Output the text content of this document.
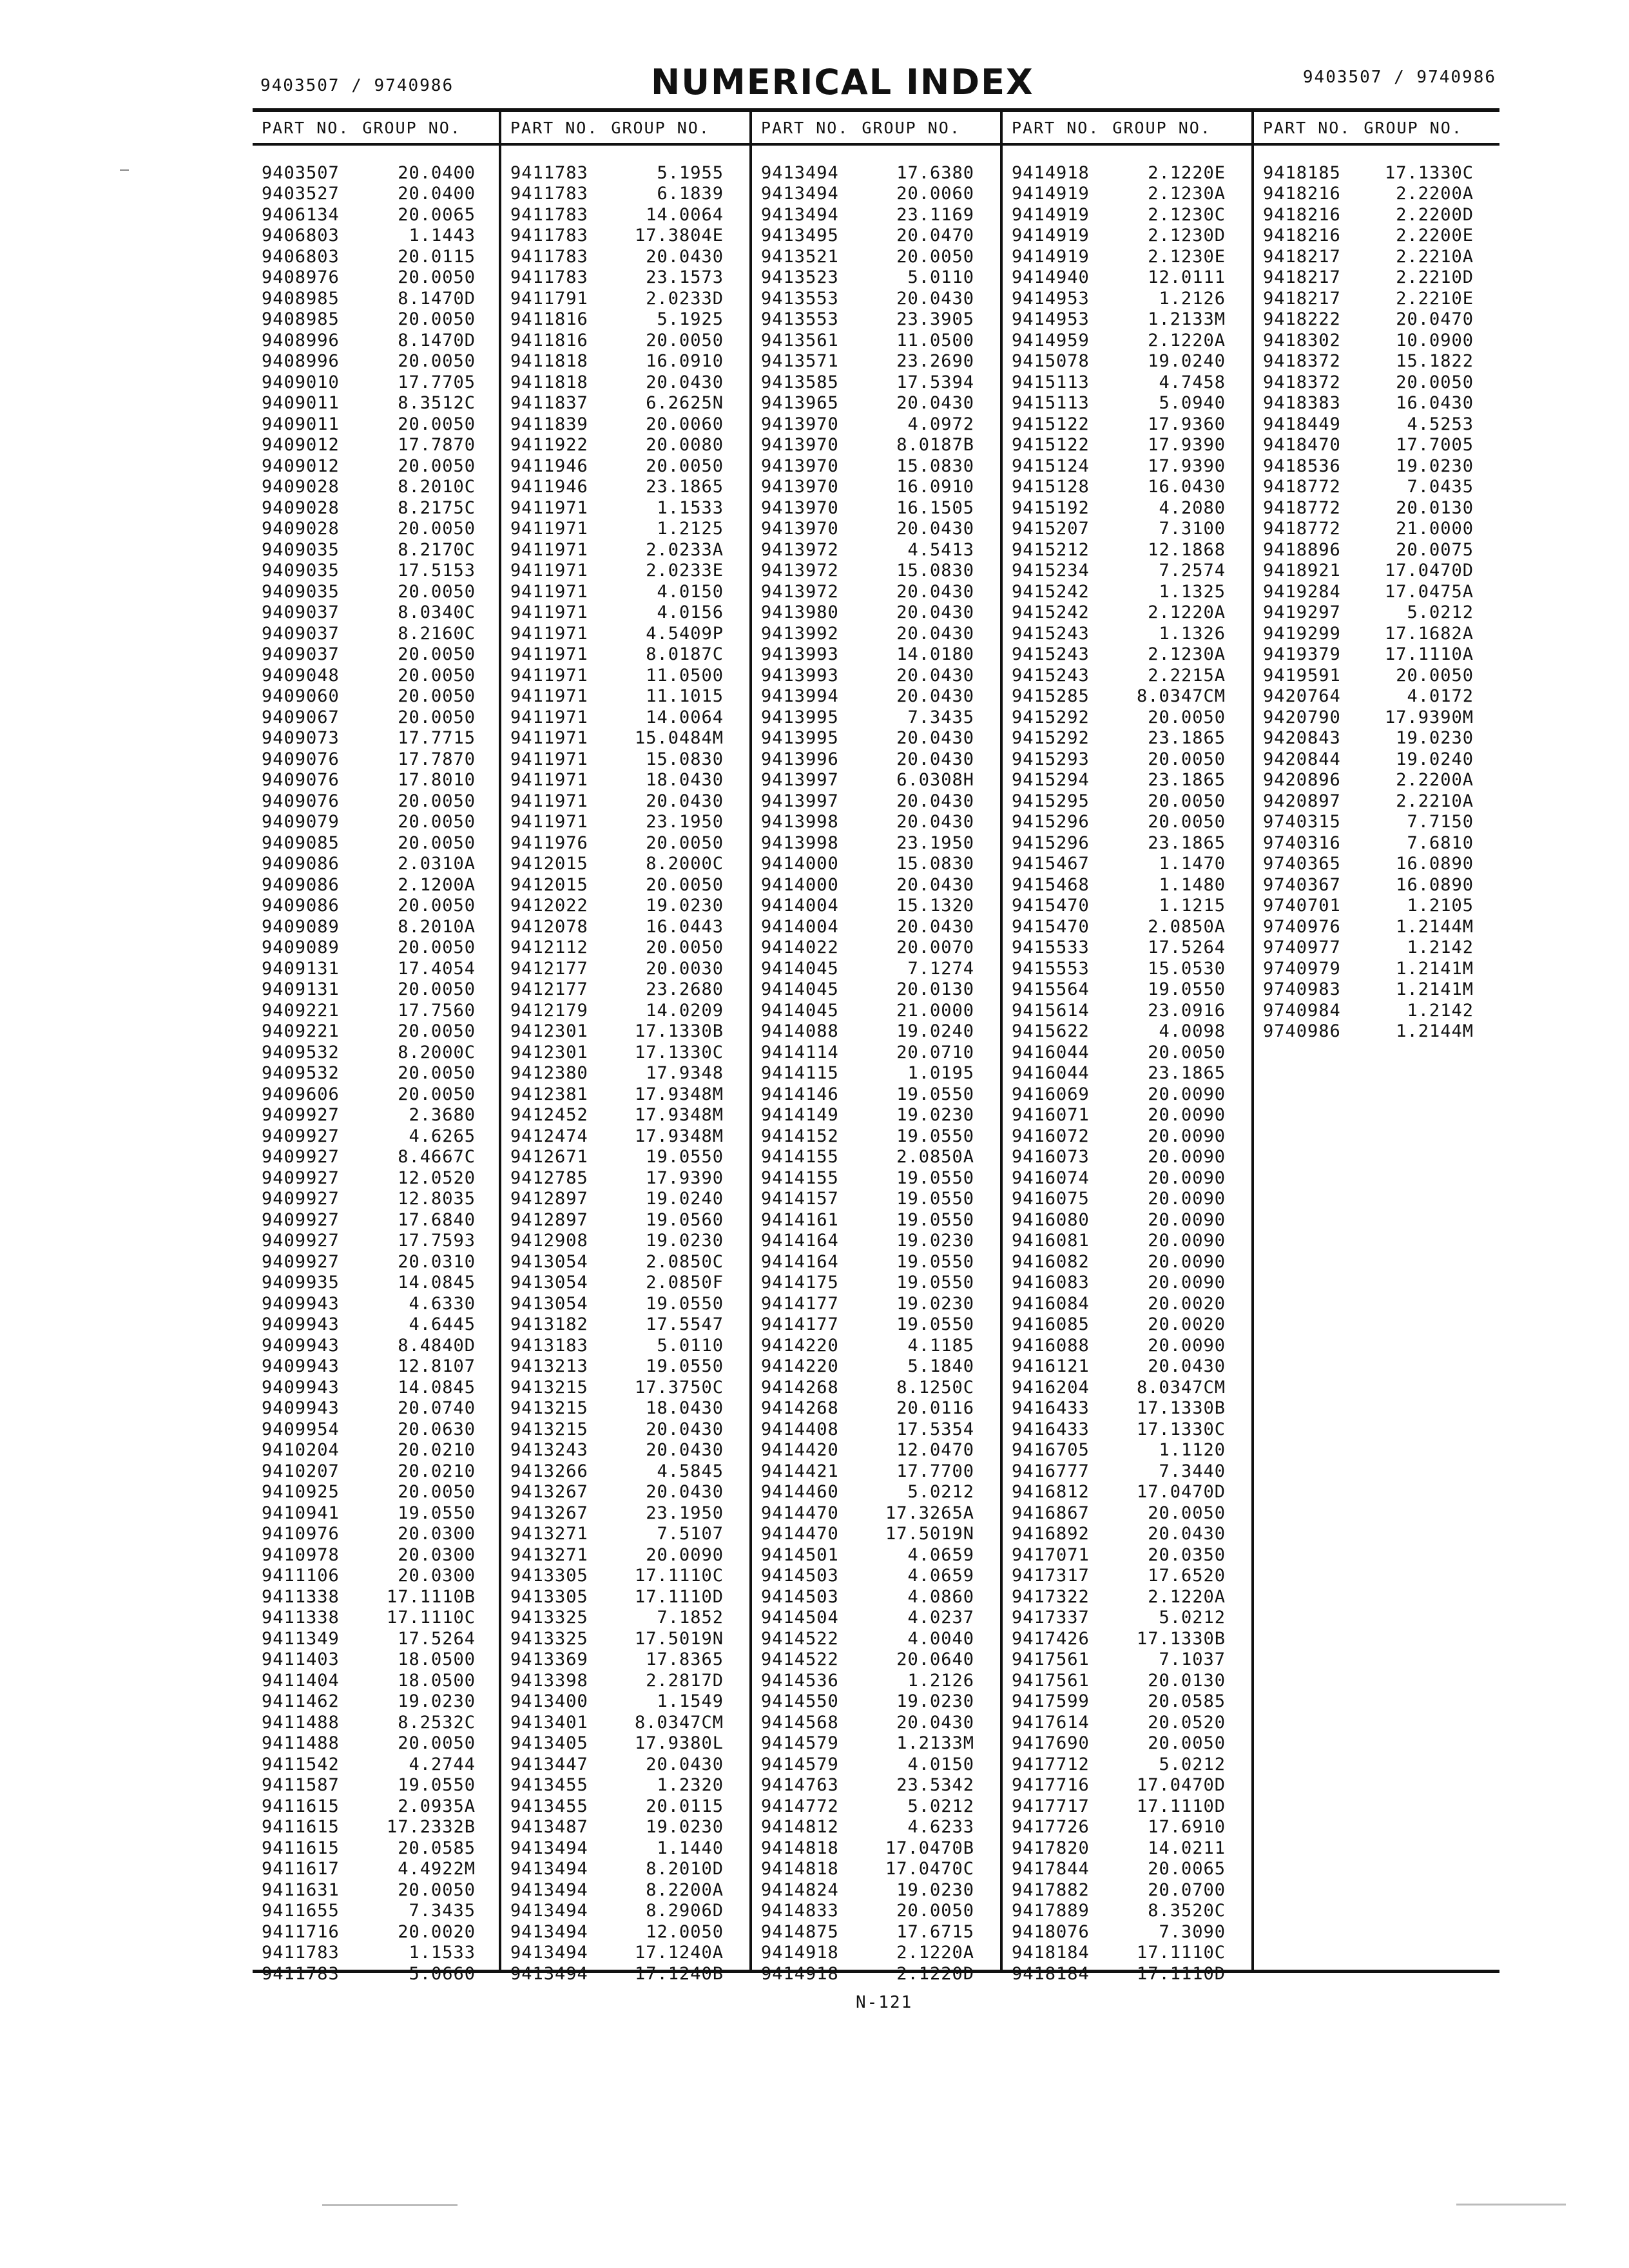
9403507 / 9740986	NUMERICAL INDEX	9403507 / 9740986
PART NO. GROUP NO.
9403507	20.0400
9403527	20.0400
9406134	20.0065
9406803	1.1443
9406803	20.0115
9408976	20.0050
9408985	8.1470D
9408985	20.0050
9408996	8.1470D
9408996	20.0050
9409010	17.7705
9409011	8.3512C
9409011	20.0050
9409012	17.7870
9409012	20.0050
9409028	8.2010C
9409028	8.2175C
9409028	20.0050
9409035	8.2170C
9409035	17.5153
9409035	20.0050
9409037	8.0340C
9409037	8.2160C
9409037	20.0050
9409048	20.0050
9409060	20.0050
9409067	20.0050
9409073	17.7715
9409076	17.7870
9409076	17.8010
9409076	20.0050
9409079	20.0050
9409085	20.0050
9409086	2.0310A
9409086	2.1200A
9409086	20.0050
9409089	8.2010A
9409089	20.0050
9409131	17.4054
9409131	20.0050
9409221	17.7560
9409221	20.0050
9409532	8.2000C
9409532	20.0050
9409606	20.0050
9409927	2.3680
9409927	4.6265
9409927	8.4667C
9409927	12.0520
9409927	12.8035
9409927	17.6840
9409927	17.7593
9409927	20.0310
9409935	14.0845
9409943	4.6330
9409943	4.6445
9409943	8.4840D
9409943	12.8107
9409943	14.0845
9409943	20.0740
9409954	20.0630
9410204	20.0210
9410207	20.0210
9410925	20.0050
9410941	19.0550
9410976	20.0300
9410978	20.0300
9411106	20.0300
9411338	17.1110B
9411338	17.1110C
9411349	17.5264
9411403	18.0500
9411404	18.0500
9411462	19.0230
9411488	8.2532C
9411488	20.0050
9411542	4.2744
9411587	19.0550
9411615	2.0935A
9411615	17.2332B
9411615	20.0585
9411617	4.4922M
9411631	20.0050
9411655	7.3435
9411716	20.0020
9411783	1.1533
9411783	5.0660
PART NO. GROUP NO.
9411783	5.1955
9411783	6.1839
9411783	14.0064
9411783	17.3804E
9411783	20.0430
9411783	23.1573
9411791	2.0233D
9411816	5.1925
9411816	20.0050
9411818	16.0910
9411818	20.0430
9411837	6.2625N
9411839	20.0060
9411922	20.0080
9411946	20.0050
9411946	23.1865
9411971	1.1533
9411971	1.2125
9411971	2.0233A
9411971	2.0233E
9411971	4.0150
9411971	4.0156
9411971	4.5409P
9411971	8.0187C
9411971	11.0500
9411971	11.1015
9411971	14.0064
9411971	15.0484M
9411971	15.0830
9411971	18.0430
9411971	20.0430
9411971	23.1950
9411976	20.0050
9412015	8.2000C
9412015	20.0050
9412022	19.0230
9412078	16.0443
9412112	20.0050
9412177	20.0030
9412177	23.2680
9412179	14.0209
9412301	17.1330B
9412301	17.1330C
9412380	17.9348
9412381	17.9348M
9412452	17.9348M
9412474	17.9348M
9412671	19.0550
9412785	17.9390
9412897	19.0240
9412897	19.0560
9412908	19.0230
9413054	2.0850C
9413054	2.0850F
9413054	19.0550
9413182	17.5547
9413183	5.0110
9413213	19.0550
9413215	17.3750C
9413215	18.0430
9413215	20.0430
9413243	20.0430
9413266	4.5845
9413267	20.0430
9413267	23.1950
9413271	7.5107
9413271	20.0090
9413305	17.1110C
9413305	17.1110D
9413325	7.1852
9413325	17.5019N
9413369	17.8365
9413398	2.2817D
9413400	1.1549
9413401	8.0347CM
9413405	17.9380L
9413447	20.0430
9413455	1.2320
9413455	20.0115
9413487	19.0230
9413494	1.1440
9413494	8.2010D
9413494	8.2200A
9413494	8.2906D
9413494	12.0050
9413494	17.1240A
9413494	17.1240B
PART NO. GROUP NO.
9413494	17.6380
9413494	20.0060
9413494	23.1169
9413495	20.0470
9413521	20.0050
9413523	5.0110
9413553	20.0430
9413553	23.3905
9413561	11.0500
9413571	23.2690
9413585	17.5394
9413965	20.0430
9413970	4.0972
9413970	8.0187B
9413970	15.0830
9413970	16.0910
9413970	16.1505
9413970	20.0430
9413972	4.5413
9413972	15.0830
9413972	20.0430
9413980	20.0430
9413992	20.0430
9413993	14.0180
9413993	20.0430
9413994	20.0430
9413995	7.3435
9413995	20.0430
9413996	20.0430
9413997	6.0308H
9413997	20.0430
9413998	20.0430
9413998	23.1950
9414000	15.0830
9414000	20.0430
9414004	15.1320
9414004	20.0430
9414022	20.0070
9414045	7.1274
9414045	20.0130
9414045	21.0000
9414088	19.0240
9414114	20.0710
9414115	1.0195
9414146	19.0550
9414149	19.0230
9414152	19.0550
9414155	2.0850A
9414155	19.0550
9414157	19.0550
9414161	19.0550
9414164	19.0230
9414164	19.0550
9414175	19.0550
9414177	19.0230
9414177	19.0550
9414220	4.1185
9414220	5.1840
9414268	8.1250C
9414268	20.0116
9414408	17.5354
9414420	12.0470
9414421	17.7700
9414460	5.0212
9414470	17.3265A
9414470	17.5019N
9414501	4.0659
9414503	4.0659
9414503	4.0860
9414504	4.0237
9414522	4.0040
9414522	20.0640
9414536	1.2126
9414550	19.0230
9414568	20.0430
9414579	1.2133M
9414579	4.0150
9414763	23.5342
9414772	5.0212
9414812	4.6233
9414818	17.0470B
9414818	17.0470C
9414824	19.0230
9414833	20.0050
9414875	17.6715
9414918	2.1220A
9414918	2.1220D
PART NO. GROUP NO.
9414918	2.1220E
9414919	2.1230A
9414919	2.1230C
9414919	2.1230D
9414919	2.1230E
9414940	12.0111
9414953	1.2126
9414953	1.2133M
9414959	2.1220A
9415078	19.0240
9415113	4.7458
9415113	5.0940
9415122	17.9360
9415122	17.9390
9415124	17.9390
9415128	16.0430
9415192	4.2080
9415207	7.3100
9415212	12.1868
9415234	7.2574
9415242	1.1325
9415242	2.1220A
9415243	1.1326
9415243	2.1230A
9415243	2.2215A
9415285	8.0347CM
9415292	20.0050
9415292	23.1865
9415293	20.0050
9415294	23.1865
9415295	20.0050
9415296	20.0050
9415296	23.1865
9415467	1.1470
9415468	1.1480
9415470	1.1215
9415470	2.0850A
9415533	17.5264
9415553	15.0530
9415564	19.0550
9415614	23.0916
9415622	4.0098
9416044	20.0050
9416044	23.1865
9416069	20.0090
9416071	20.0090
9416072	20.0090
9416073	20.0090
9416074	20.0090
9416075	20.0090
9416080	20.0090
9416081	20.0090
9416082	20.0090
9416083	20.0090
9416084	20.0020
9416085	20.0020
9416088	20.0090
9416121	20.0430
9416204	8.0347CM
9416433	17.1330B
9416433	17.1330C
9416705	1.1120
9416777	7.3440
9416812	17.0470D
9416867	20.0050
9416892	20.0430
9417071	20.0350
9417317	17.6520
9417322	2.1220A
9417337	5.0212
9417426	17.1330B
9417561	7.1037
9417561	20.0130
9417599	20.0585
9417614	20.0520
9417690	20.0050
9417712	5.0212
9417716	17.0470D
9417717	17.1110D
9417726	17.6910
9417820	14.0211
9417844	20.0065
9417882	20.0700
9417889	8.3520C
9418076	7.3090
9418184	17.1110C
9418184	17.1110D
PART NO. GROUP NO.
9418185	17.1330C
9418216	2.2200A
9418216	2.2200D
9418216	2.2200E
9418217	2.2210A
9418217	2.2210D
9418217	2.2210E
9418222	20.0470
9418302	10.0900
9418372	15.1822
9418372	20.0050
9418383	16.0430
9418449	4.5253
9418470	17.7005
9418536	19.0230
9418772	7.0435
9418772	20.0130
9418772	21.0000
9418896	20.0075
9418921	17.0470D
9419284	17.0475A
9419297	5.0212
9419299	17.1682A
9419379	17.1110A
9419591	20.0050
9420764	4.0172
9420790	17.9390M
9420843	19.0230
9420844	19.0240
9420896	2.2200A
9420897	2.2210A
9740315	7.7150
9740316	7.6810
9740365	16.0890
9740367	16.0890
9740701	1.2105
9740976	1.2144M
9740977	1.2142
9740979	1.2141M
9740983	1.2141M
9740984	1.2142
9740986	1.2144M
N-121
